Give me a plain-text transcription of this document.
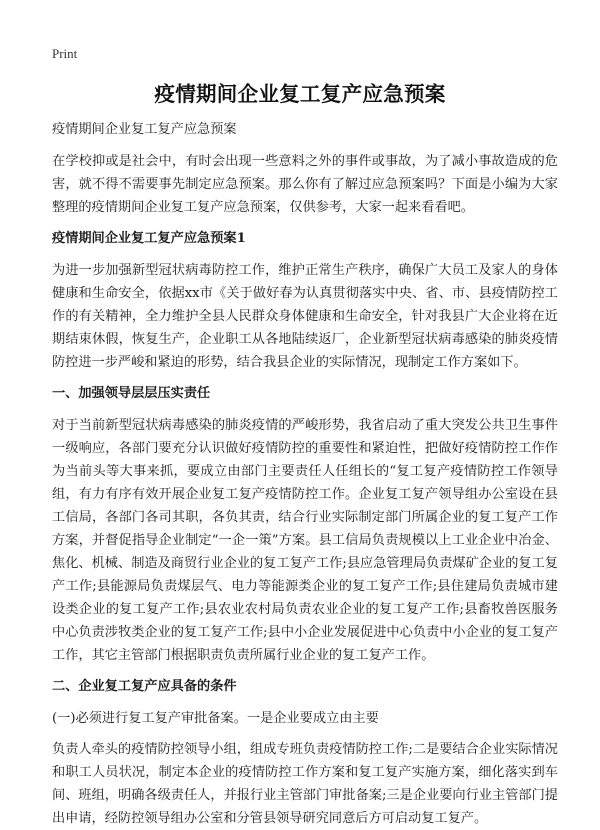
Print
疫情期间企业复工复产应急预案

疫情期间企业复工复产应急预案

在学校抑或是社会中，有时会出现一些意料之外的事件或事故，为了减小事故造成的危害，就不得不需要事先制定应急预案。那么你有了解过应急预案吗？下面是小编为大家整理的疫情期间企业复工复产应急预案，仅供参考，大家一起来看看吧。

疫情期间企业复工复产应急预案1

为进一步加强新型冠状病毒防控工作，维护正常生产秩序，确保广大员工及家人的身体健康和生命安全，依据xx市《关于做好春为认真贯彻落实中央、省、市、县疫情防控工作的有关精神，全力维护全县人民群众身体健康和生命安全，针对我县广大企业将在近期结束休假，恢复生产，企业职工从各地陆续返厂，企业新型冠状病毒感染的肺炎疫情防控进一步严峻和紧迫的形势，结合我县企业的实际情况，现制定工作方案如下。

一、加强领导层层压实责任

对于当前新型冠状病毒感染的肺炎疫情的严峻形势，我省启动了重大突发公共卫生事件一级响应，各部门要充分认识做好疫情防控的重要性和紧迫性，把做好疫情防控工作作为当前头等大事来抓，要成立由部门主要责任人任组长的“复工复产疫情防控工作领导组，有力有序有效开展企业复工复产疫情防控工作。企业复工复产领导组办公室设在县工信局，各部门各司其职，各负其责，结合行业实际制定部门所属企业的复工复产工作方案，并督促指导企业制定“一企一策”方案。县工信局负责规模以上工业企业中冶金、焦化、机械、制造及商贸行业企业的复工复产工作;县应急管理局负责煤矿企业的复工复产工作;县能源局负责煤层气、电力等能源类企业的复工复产工作;县住建局负责城市建设类企业的复工复产工作;县农业农村局负责农业企业的复工复产工作;县畜牧兽医服务中心负责涉牧类企业的复工复产工作;县中小企业发展促进中心负责中小企业的复工复产工作，其它主管部门根据职责负责所属行业企业的复工复产工作。

二、企业复工复产应具备的条件

(一)必须进行复工复产审批备案。一是企业要成立由主要

负责人牵头的疫情防控领导小组，组成专班负责疫情防控工作;二是要结合企业实际情况和职工人员状况，制定本企业的疫情防控工作方案和复工复产实施方案，细化落实到车间、班组，明确各级责任人，并报行业主管部门审批备案;三是企业要向行业主管部门提出申请，经防控领导组办公室和分管县领导研究同意后方可启动复工复产。
